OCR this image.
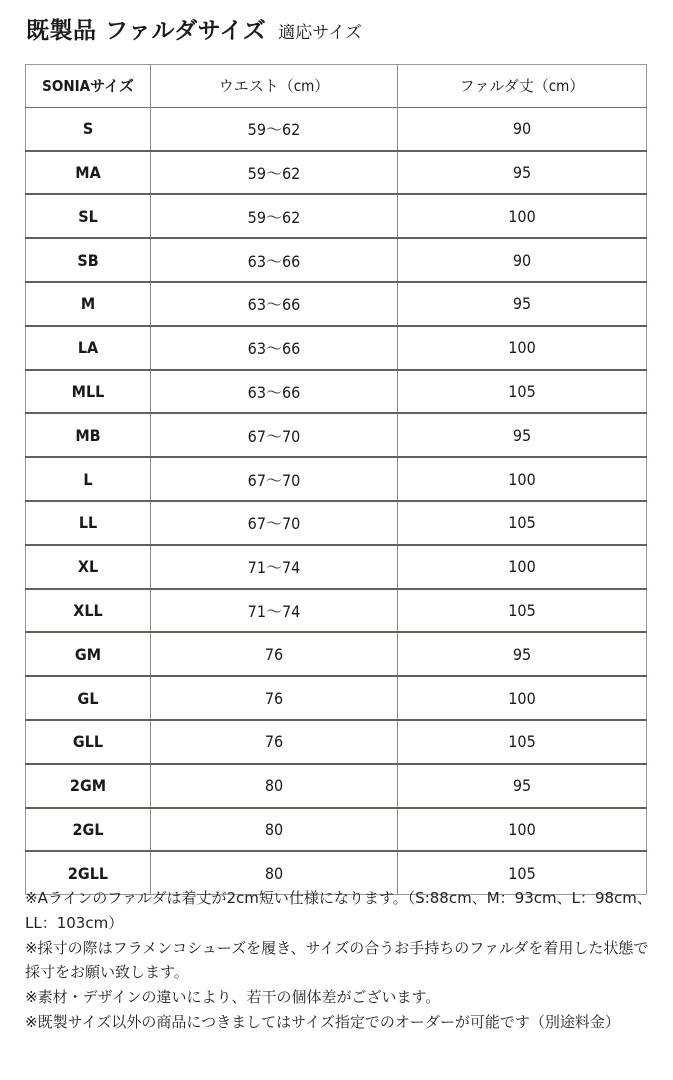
既製品 ファルダサイズ 適応サイズ
SONIAサイズ	ウエスト（cm）	ファルダ丈（cm）
S	59〜62	90
MA	59〜62	95
SL	59〜62	100
SB	63〜66	90
M	63〜66	95
LA	63〜66	100
MLL	63〜66	105
MB	67〜70	95
L	67〜70	100
LL	67〜70	105
XL	71〜74	100
XLL	71〜74	105
GM	76	95
GL	76	100
GLL	76	105
2GM	80	95
2GL	80	100
2GLL	80	105

※Aラインのファルダは着丈が2cm短い仕様になります。（S:88cm、M：93cm、L：98cm、LL：103cm）

※採寸の際はフラメンコシューズを履き、サイズの合うお手持ちのファルダを着用した状態で採寸をお願い致します。

※素材・デザインの違いにより、若干の個体差がございます。

※既製サイズ以外の商品につきましてはサイズ指定でのオーダーが可能です（別途料金）
